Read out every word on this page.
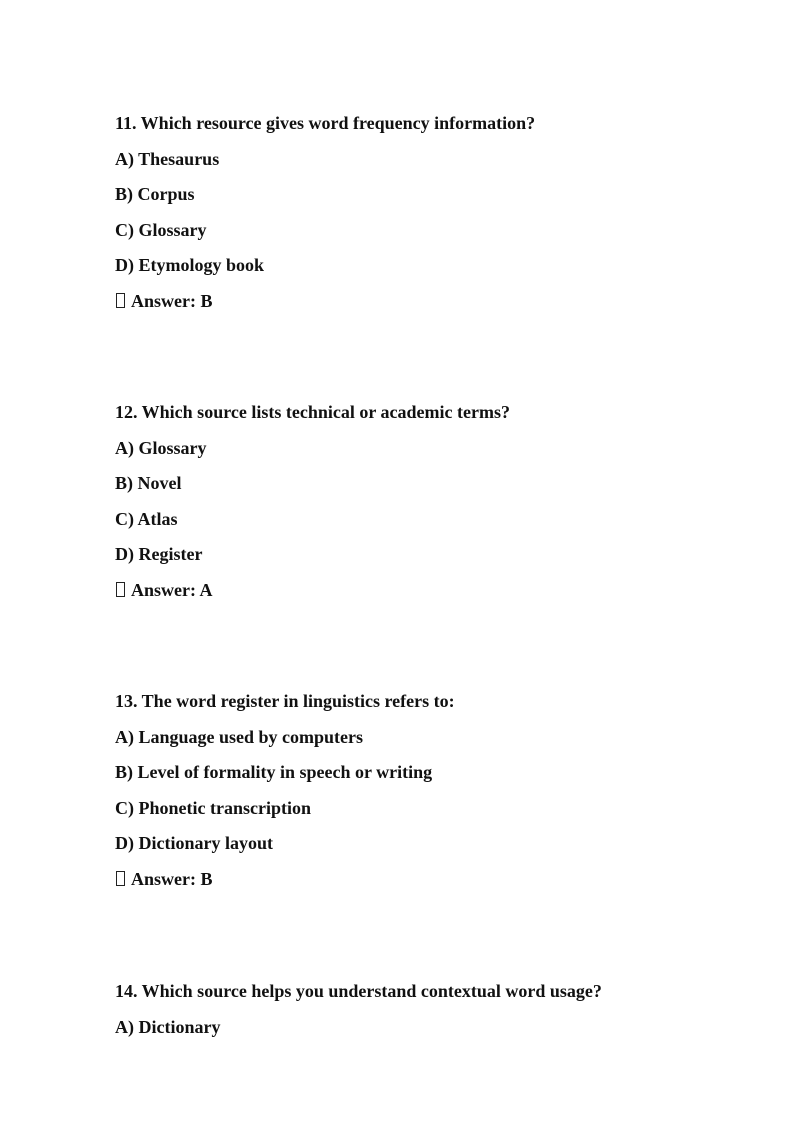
11. Which resource gives word frequency information?

A) Thesaurus

B) Corpus

C) Glossary

D) Etymology book

Answer: B

12. Which source lists technical or academic terms?

A) Glossary

B) Novel

C) Atlas

D) Register

Answer: A

13. The word register in linguistics refers to:

A) Language used by computers

B) Level of formality in speech or writing

C) Phonetic transcription

D) Dictionary layout

Answer: B

14. Which source helps you understand contextual word usage?

A) Dictionary
